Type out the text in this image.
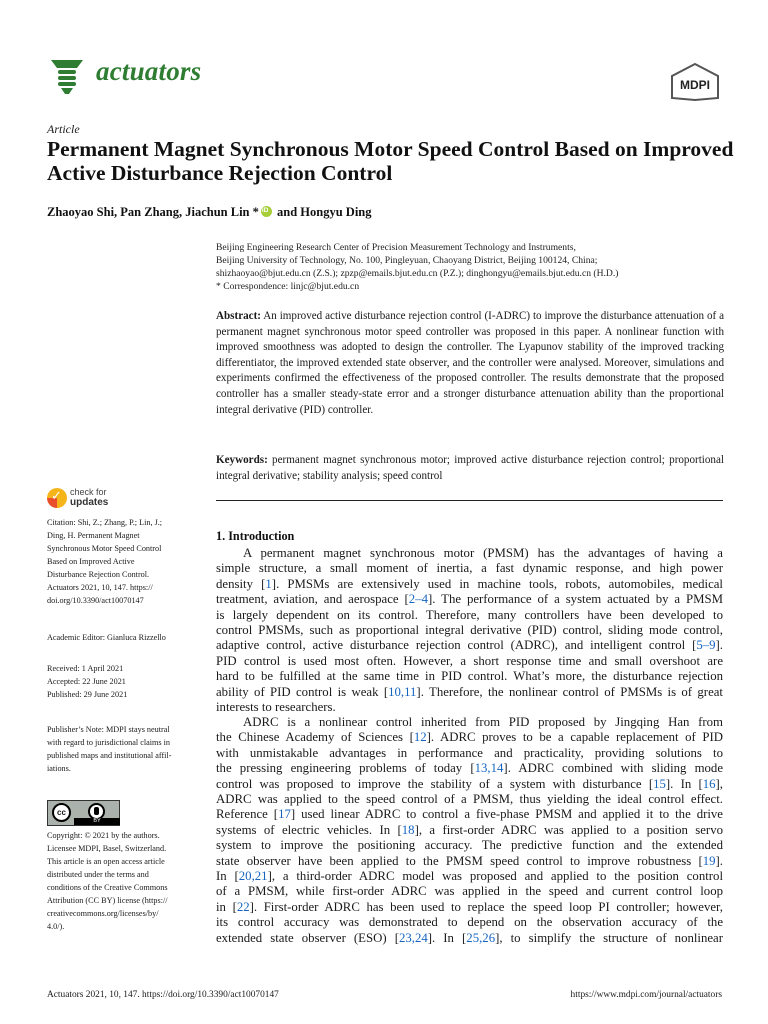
actuators	MDPI
Article
Permanent Magnet Synchronous Motor Speed Control Based on Improved Active Disturbance Rejection Control
Zhaoyao Shi, Pan Zhang, Jiachun Lin *iD and Hongyu Ding
Beijing Engineering Research Center of Precision Measurement Technology and Instruments,
Beijing University of Technology, No. 100, Pingleyuan, Chaoyang District, Beijing 100124, China;
shizhaoyao@bjut.edu.cn (Z.S.); zpzp@emails.bjut.edu.cn (P.Z.); dinghongyu@emails.bjut.edu.cn (H.D.)
* Correspondence: linjc@bjut.edu.cn
Abstract: An improved active disturbance rejection control (I-ADRC) to improve the disturbance attenuation of a permanent magnet synchronous motor speed controller was proposed in this paper. A nonlinear function with improved smoothness was adopted to design the controller. The Lyapunov stability of the improved tracking differentiator, the improved extended state observer, and the controller were analysed. Moreover, simulations and experiments confirmed the effectiveness of the proposed controller. The results demonstrate that the proposed controller has a smaller steady-state error and a stronger disturbance attenuation ability than the proportional integral derivative (PID) controller.
Keywords: permanent magnet synchronous motor; improved active disturbance rejection control; proportional integral derivative; stability analysis; speed control
✓
check for
updates
Citation: Shi, Z.; Zhang, P.; Lin, J.;
Ding, H. Permanent Magnet
Synchronous Motor Speed Control
Based on Improved Active
Disturbance Rejection Control.
Actuators 2021, 10, 147. https://
doi.org/10.3390/act10070147
Academic Editor: Gianluca Rizzello
Received: 1 April 2021
Accepted: 22 June 2021
Published: 29 June 2021
Publisher’s Note: MDPI stays neutral
with regard to jurisdictional claims in
published maps and institutional affil-
iations.
cc
BY
Copyright: © 2021 by the authors.
Licensee MDPI, Basel, Switzerland.
This article is an open access article
distributed under the terms and
conditions of the Creative Commons
Attribution (CC BY) license (https://
creativecommons.org/licenses/by/
4.0/).
1. Introduction
A permanent magnet synchronous motor (PMSM) has the advantages of having a
simple structure, a small moment of inertia, a fast dynamic response, and high power
density [1]. PMSMs are extensively used in machine tools, robots, automobiles, medical
treatment, aviation, and aerospace [2–4]. The performance of a system actuated by a PMSM
is largely dependent on its control. Therefore, many controllers have been developed to
control PMSMs, such as proportional integral derivative (PID) control, sliding mode control,
adaptive control, active disturbance rejection control (ADRC), and intelligent control [5–9].
PID control is used most often. However, a short response time and small overshoot are
hard to be fulfilled at the same time in PID control. What’s more, the disturbance rejection
ability of PID control is weak [10,11]. Therefore, the nonlinear control of PMSMs is of great
interests to researchers.
ADRC is a nonlinear control inherited from PID proposed by Jingqing Han from
the Chinese Academy of Sciences [12]. ADRC proves to be a capable replacement of PID
with unmistakable advantages in performance and practicality, providing solutions to
the pressing engineering problems of today [13,14]. ADRC combined with sliding mode
control was proposed to improve the stability of a system with disturbance [15]. In [16],
ADRC was applied to the speed control of a PMSM, thus yielding the ideal control effect.
Reference [17] used linear ADRC to control a five-phase PMSM and applied it to the drive
systems of electric vehicles. In [18], a first-order ADRC was applied to a position servo
system to improve the positioning accuracy. The predictive function and the extended
state observer have been applied to the PMSM speed control to improve robustness [19].
In [20,21], a third-order ADRC model was proposed and applied to the position control
of a PMSM, while first-order ADRC was applied in the speed and current control loop
in [22]. First-order ADRC has been used to replace the speed loop PI controller; however,
its control accuracy was demonstrated to depend on the observation accuracy of the
extended state observer (ESO) [23,24]. In [25,26], to simplify the structure of nonlinear
Actuators 2021, 10, 147. https://doi.org/10.3390/act10070147	https://www.mdpi.com/journal/actuators
